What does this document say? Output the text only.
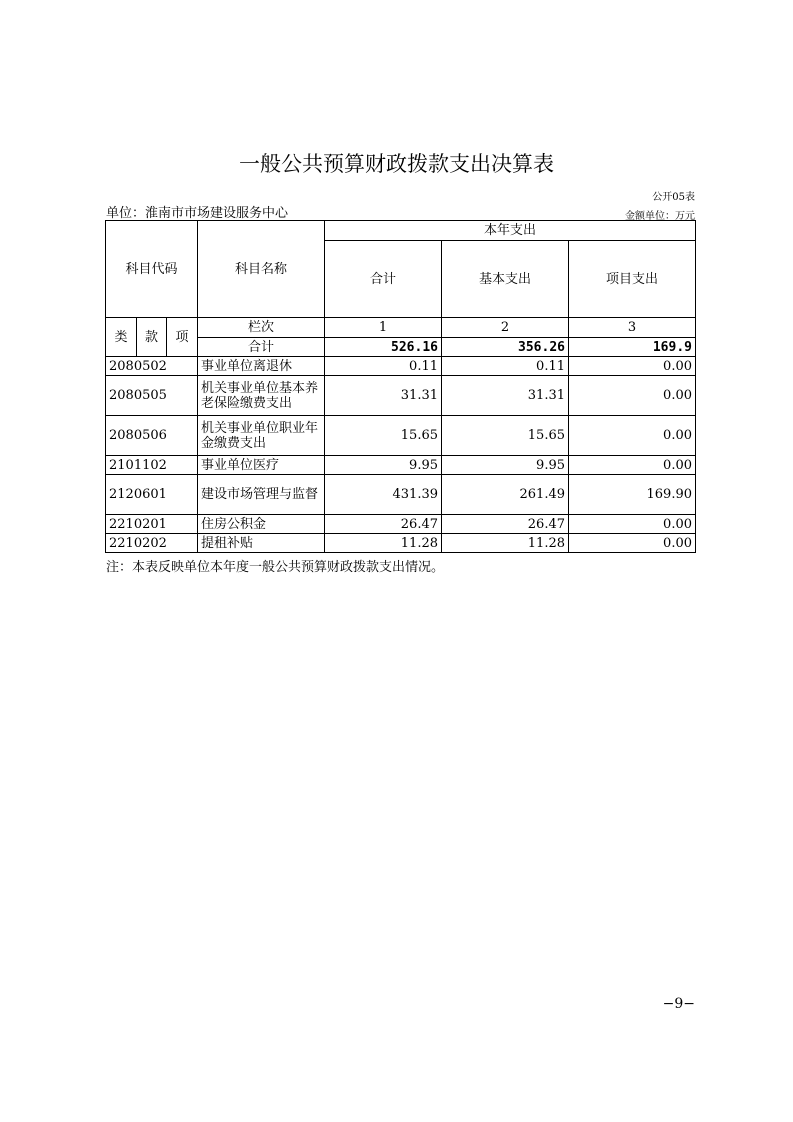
一般公共预算财政拨款支出决算表
公开05表
单位：淮南市市场建设服务中心	金额单位：万元
科目代码			科目名称	本年支出		
				合计	基本支出	项目支出
类	款	项	栏次	1	2	3
			合计	526.16	356.26	169.9
2080502			事业单位离退休	0.11	0.11	0.00
2080505			机关事业单位基本养老保险缴费支出	31.31	31.31	0.00
2080506			机关事业单位职业年金缴费支出	15.65	15.65	0.00
2101102			事业单位医疗	9.95	9.95	0.00
2120601			建设市场管理与监督	431.39	261.49	169.90
2210201			住房公积金	26.47	26.47	0.00
2210202			提租补贴	11.28	11.28	0.00
注：本表反映单位本年度一般公共预算财政拨款支出情况。
−9−
